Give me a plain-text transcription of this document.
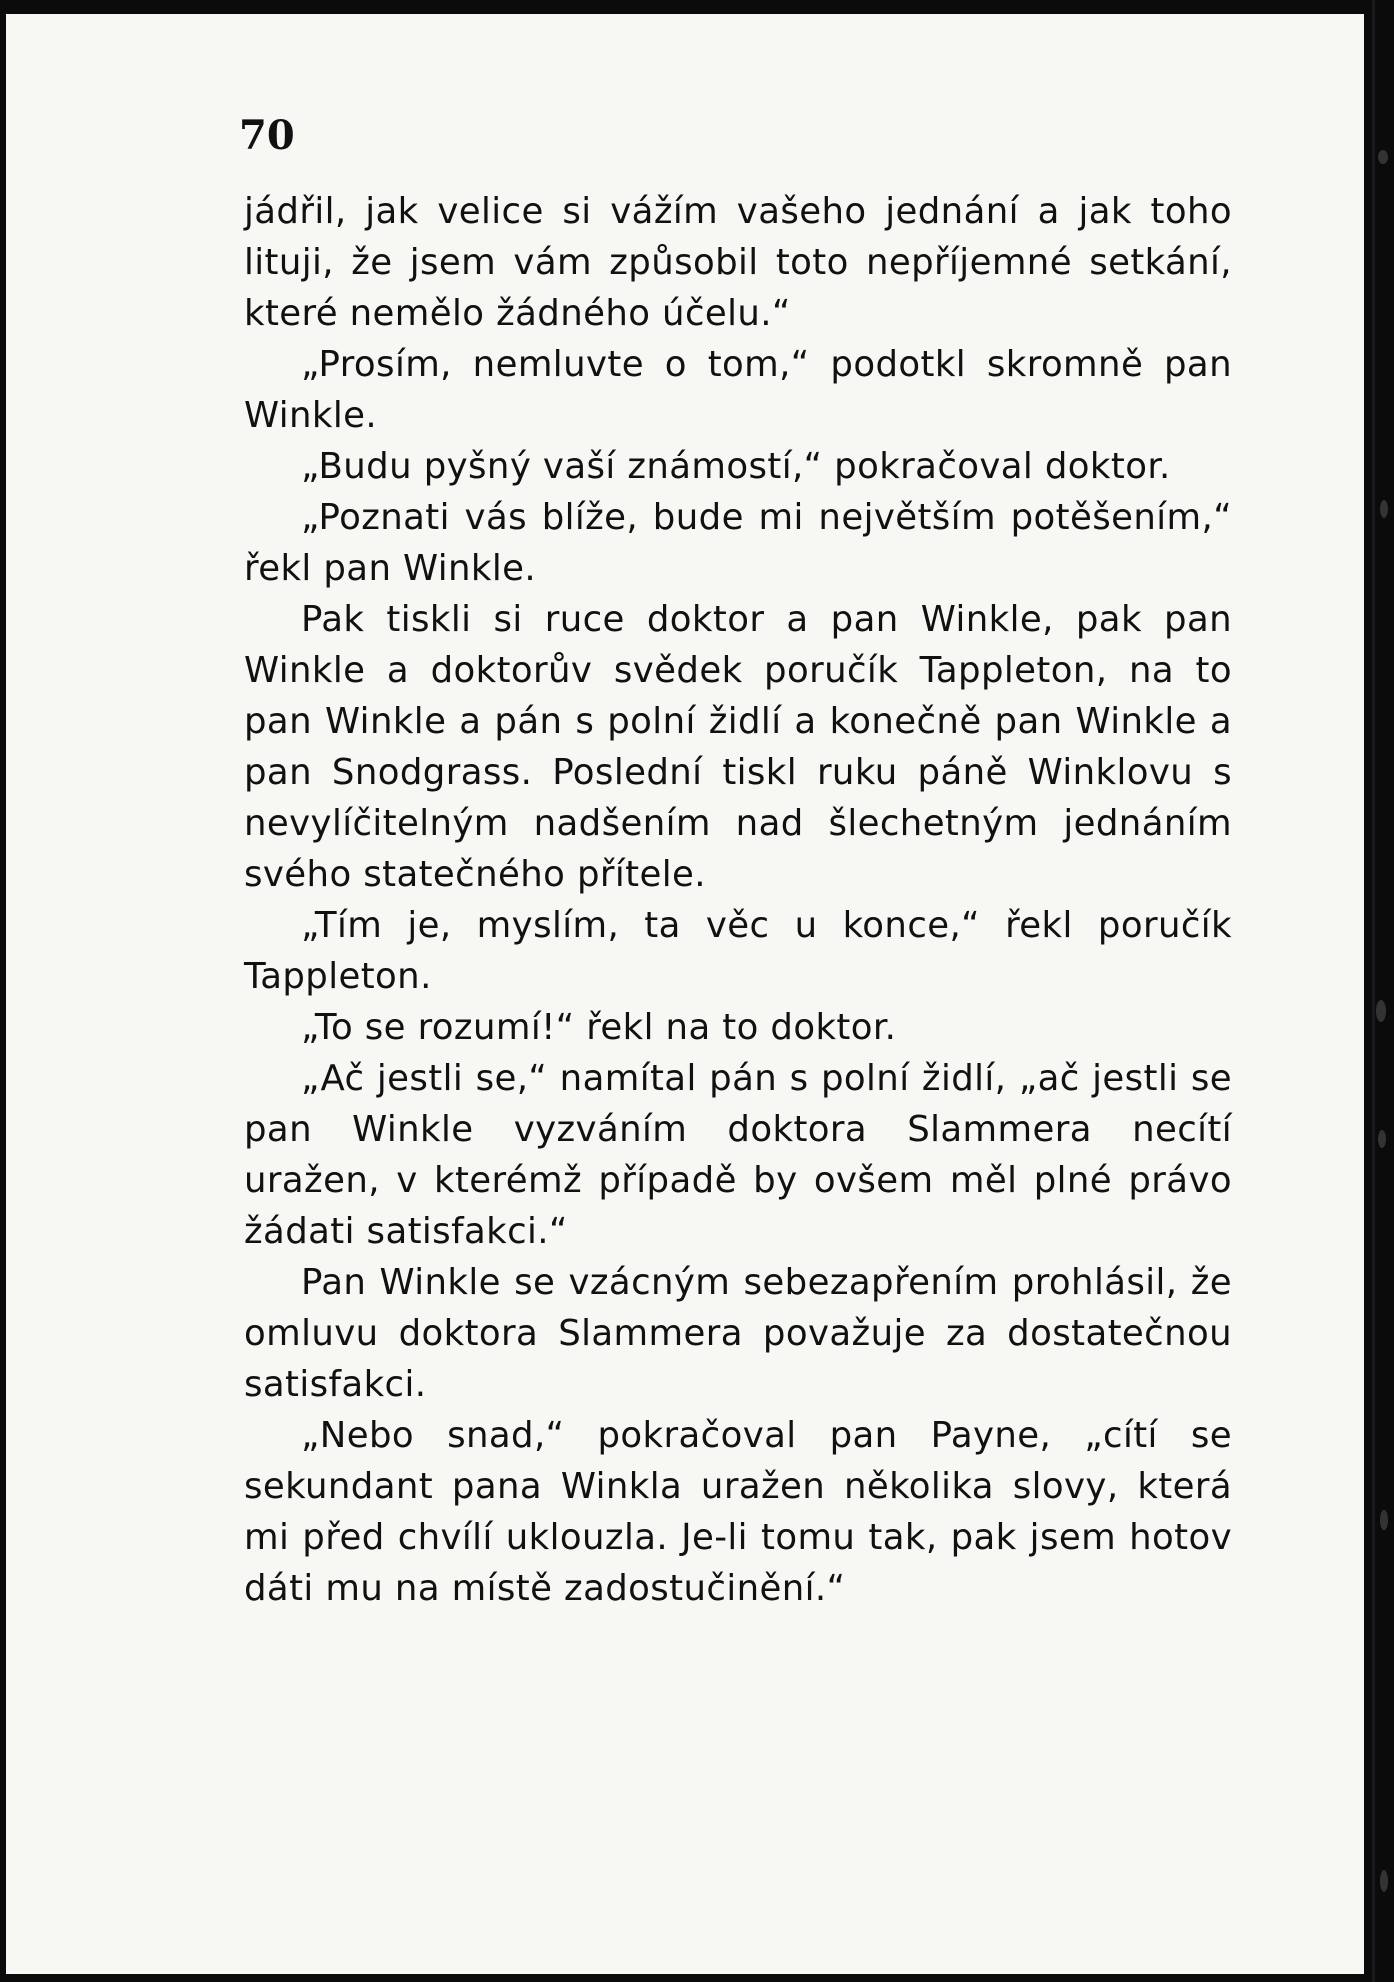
70

jádřil, jak velice si vážím vašeho jednání a jak toho lituji, že jsem vám způsobil toto nepříjemné setkání, které nemělo žádného účelu.“

„Prosím, nemluvte o tom,“ podotkl skromně pan Winkle.

„Budu pyšný vaší známostí,“ pokračoval doktor.

„Poznati vás blíže, bude mi největším potěšením,“ řekl pan Winkle.

Pak tiskli si ruce doktor a pan Winkle, pak pan Winkle a doktorův svědek poručík Tappleton, na to pan Winkle a pán s polní židlí a konečně pan Winkle a pan Snodgrass. Poslední tiskl ruku páně Winklovu s nevylíčitelným nadšením nad šlechetným jednáním svého statečného přítele.

„Tím je, myslím, ta věc u konce,“ řekl poručík Tappleton.

„To se rozumí!“ řekl na to doktor.

„Ač jestli se,“ namítal pán s polní židlí, „ač jestli se pan Winkle vyzváním doktora Slammera necítí uražen, v kterémž případě by ovšem měl plné právo žádati satisfakci.“

Pan Winkle se vzácným sebezapřením prohlásil, že omluvu doktora Slammera považuje za dostatečnou satisfakci.

„Nebo snad,“ pokračoval pan Payne, „cítí se sekundant pana Winkla uražen několika slovy, která mi před chvílí uklouzla. Je-li tomu tak, pak jsem hotov dáti mu na místě zadostučinění.“
